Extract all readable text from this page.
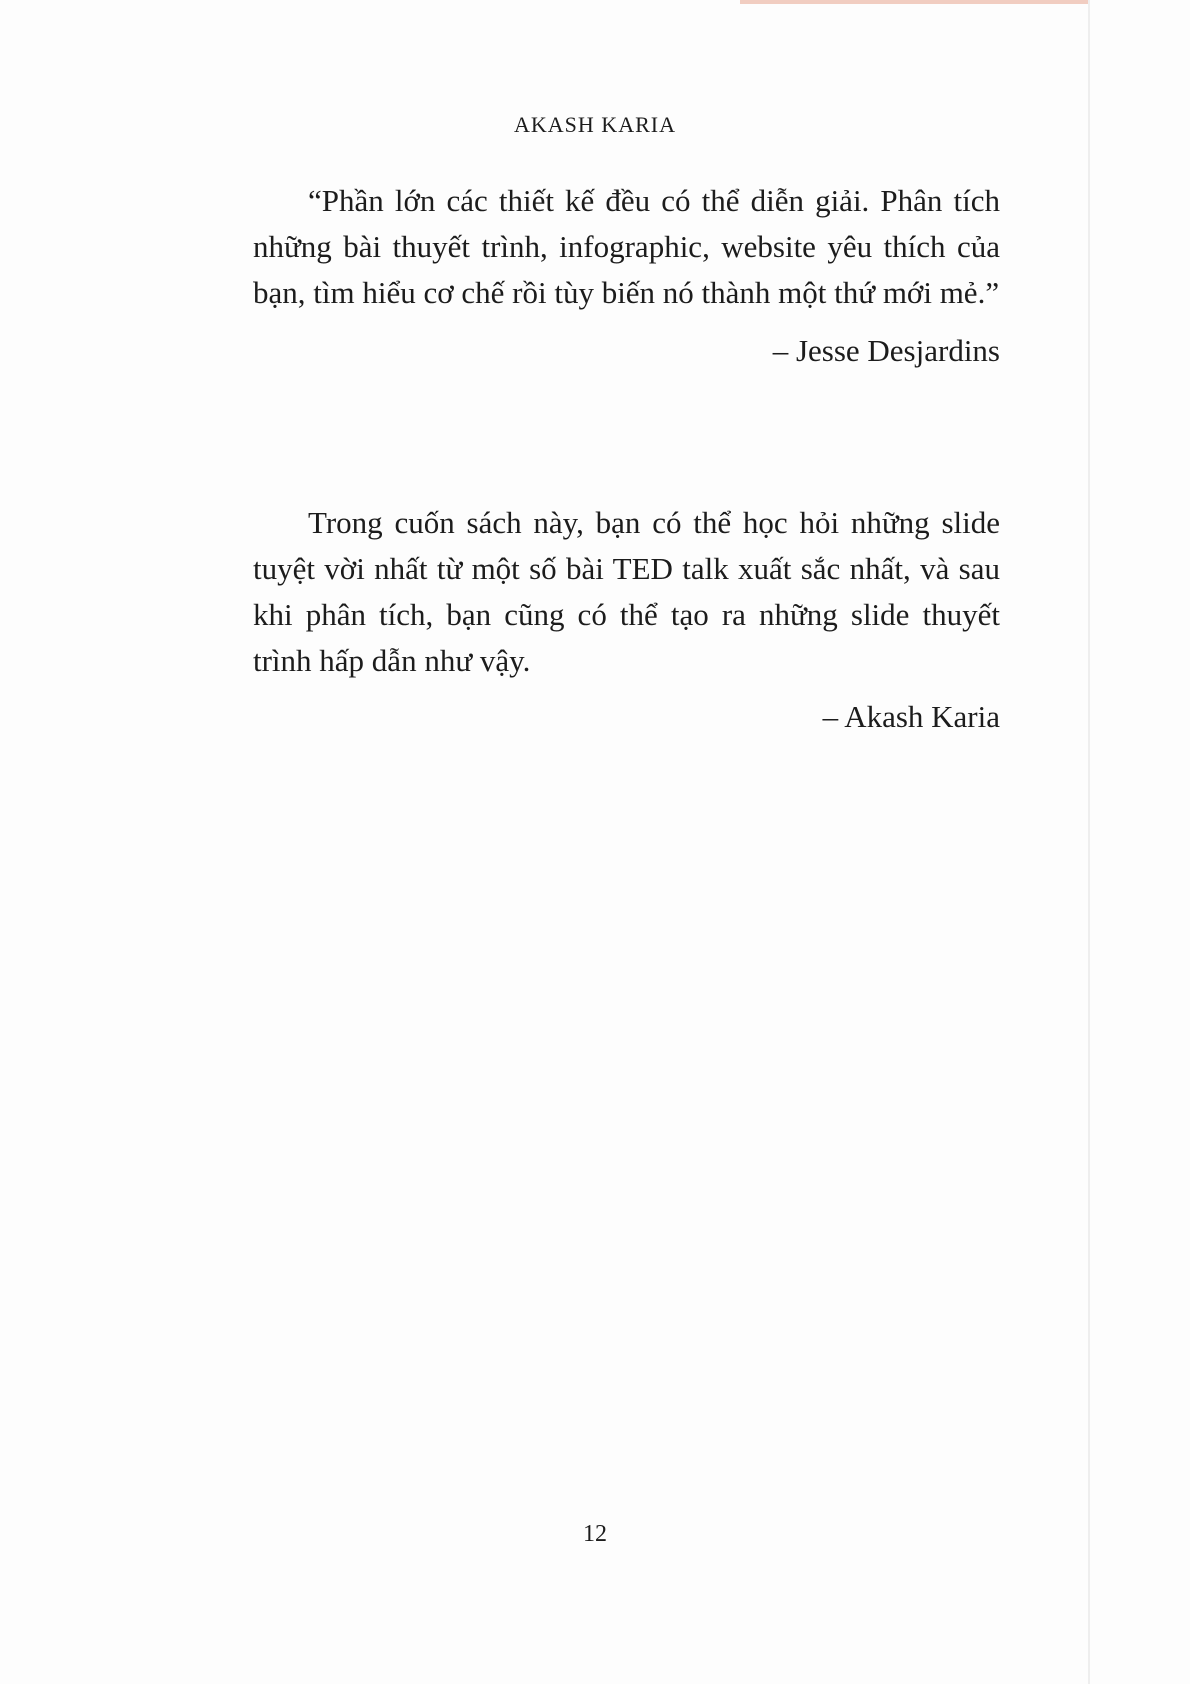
AKASH KARIA

“Phần lớn các thiết kế đều có thể diễn giải. Phân tích những bài thuyết trình, infographic, website yêu thích của bạn, tìm hiểu cơ chế rồi tùy biến nó thành một thứ mới mẻ.”

– Jesse Desjardins

Trong cuốn sách này, bạn có thể học hỏi những slide tuyệt vời nhất từ một số bài TED talk xuất sắc nhất, và sau khi phân tích, bạn cũng có thể tạo ra những slide thuyết trình hấp dẫn như vậy.

– Akash Karia

12
